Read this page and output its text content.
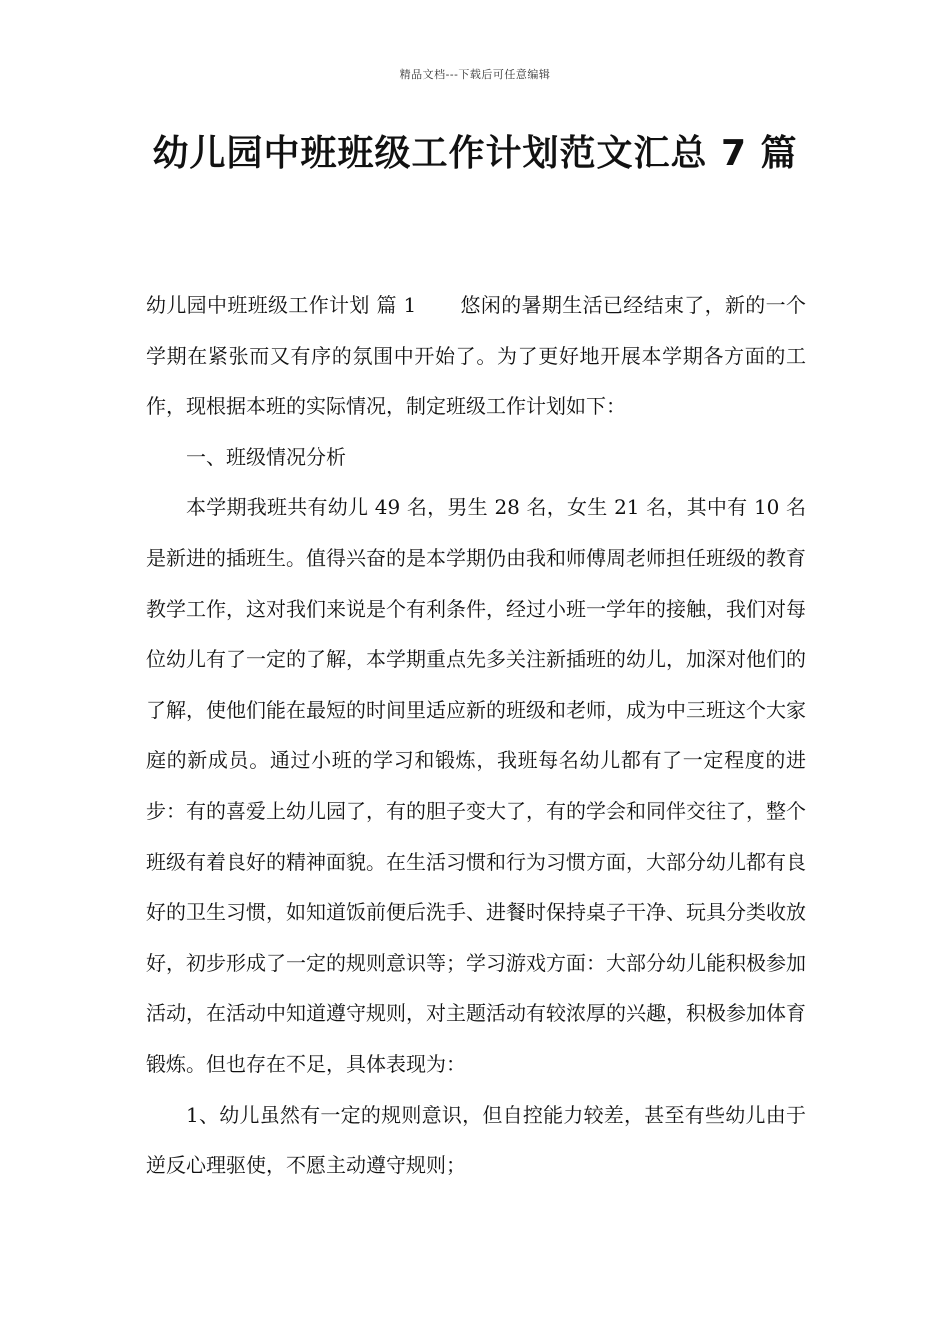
精品文档---下载后可任意编辑
幼儿园中班班级工作计划范文汇总 7 篇

幼儿园中班班级工作计划 篇 1 悠闲的暑期生活已经结束了，新的一个学期在紧张而又有序的氛围中开始了。为了更好地开展本学期各方面的工作，现根据本班的实际情况，制定班级工作计划如下：

一、班级情况分析

本学期我班共有幼儿 49 名，男生 28 名，女生 21 名，其中有 10 名是新进的插班生。值得兴奋的是本学期仍由我和师傅周老师担任班级的教育教学工作，这对我们来说是个有利条件，经过小班一学年的接触，我们对每位幼儿有了一定的了解，本学期重点先多关注新插班的幼儿，加深对他们的了解，使他们能在最短的时间里适应新的班级和老师，成为中三班这个大家庭的新成员。通过小班的学习和锻炼，我班每名幼儿都有了一定程度的进步：有的喜爱上幼儿园了，有的胆子变大了，有的学会和同伴交往了，整个班级有着良好的精神面貌。在生活习惯和行为习惯方面，大部分幼儿都有良好的卫生习惯，如知道饭前便后洗手、进餐时保持桌子干净、玩具分类收放好，初步形成了一定的规则意识等；学习游戏方面：大部分幼儿能积极参加活动，在活动中知道遵守规则，对主题活动有较浓厚的兴趣，积极参加体育锻炼。但也存在不足，具体表现为：

1、幼儿虽然有一定的规则意识，但自控能力较差，甚至有些幼儿由于逆反心理驱使，不愿主动遵守规则；
